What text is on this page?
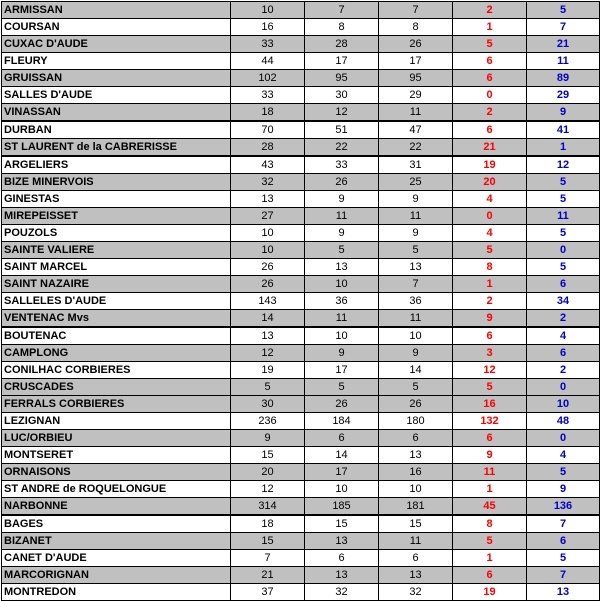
ARMISSAN	10	7	7	2	5
COURSAN	16	8	8	1	7
CUXAC D'AUDE	33	28	26	5	21
FLEURY	44	17	17	6	11
GRUISSAN	102	95	95	6	89
SALLES D'AUDE	33	30	29	0	29
VINASSAN	18	12	11	2	9
DURBAN	70	51	47	6	41
ST LAURENT de la CABRERISSE	28	22	22	21	1
ARGELIERS	43	33	31	19	12
BIZE MINERVOIS	32	26	25	20	5
GINESTAS	13	9	9	4	5
MIREPEISSET	27	11	11	0	11
POUZOLS	10	9	9	4	5
SAINTE VALIERE	10	5	5	5	0
SAINT MARCEL	26	13	13	8	5
SAINT NAZAIRE	26	10	7	1	6
SALLELES D'AUDE	143	36	36	2	34
VENTENAC Mvs	14	11	11	9	2
BOUTENAC	13	10	10	6	4
CAMPLONG	12	9	9	3	6
CONILHAC CORBIERES	19	17	14	12	2
CRUSCADES	5	5	5	5	0
FERRALS CORBIERES	30	26	26	16	10
LEZIGNAN	236	184	180	132	48
LUC/ORBIEU	9	6	6	6	0
MONTSERET	15	14	13	9	4
ORNAISONS	20	17	16	11	5
ST ANDRE de ROQUELONGUE	12	10	10	1	9
NARBONNE	314	185	181	45	136
BAGES	18	15	15	8	7
BIZANET	15	13	11	5	6
CANET D'AUDE	7	6	6	1	5
MARCORIGNAN	21	13	13	6	7
MONTREDON	37	32	32	19	13
